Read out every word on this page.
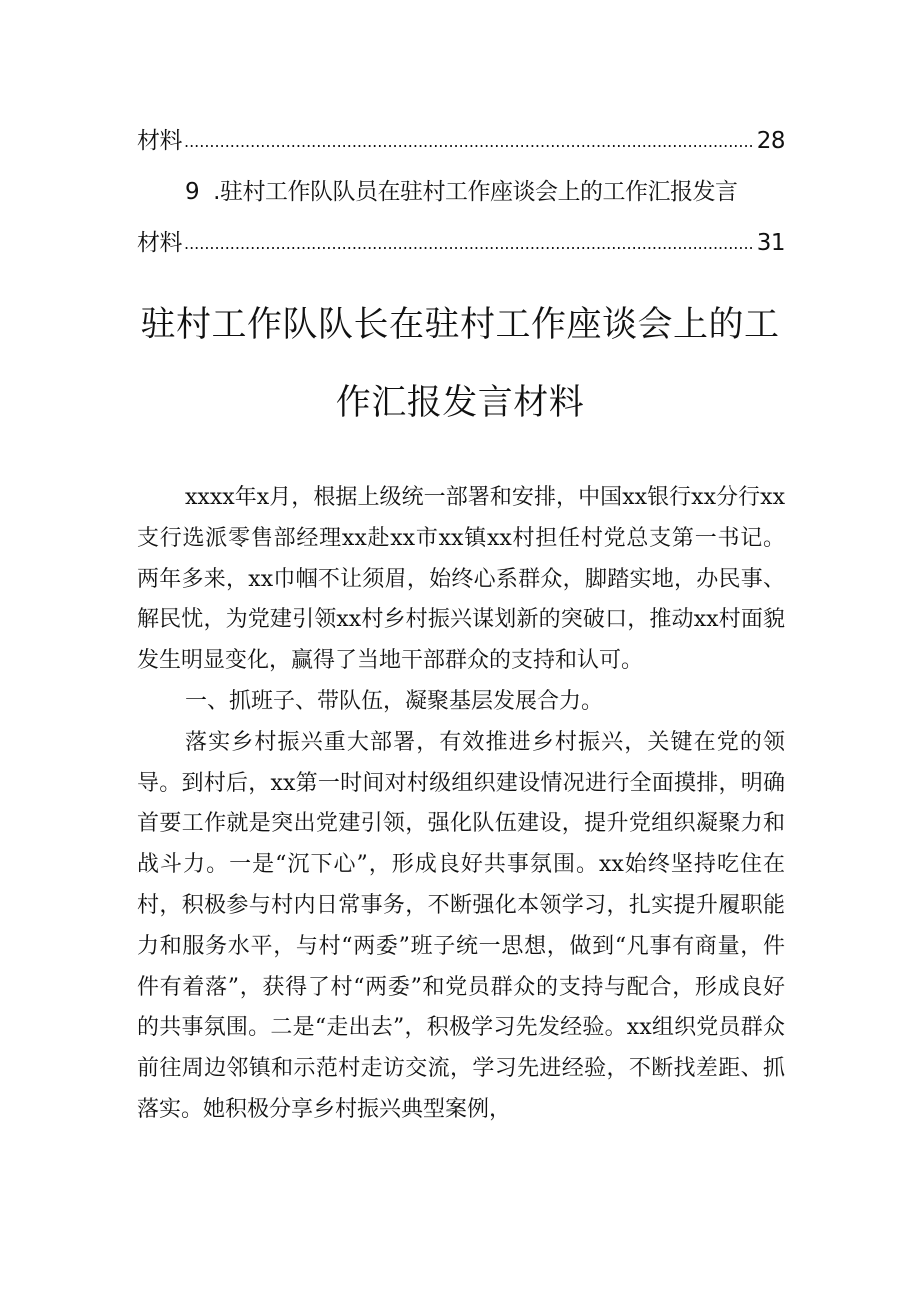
材料 .....	28
9 .驻村工作队队员在驻村工作座谈会上的工作汇报发言
材料 .....	31
驻村工作队队长在驻村工作座谈会上的工
作汇报发言材料

xxxx年x月，根据上级统一部署和安排，中国xx银行xx分行xx支行选派零售部经理xx赴xx市xx镇xx村担任村党总支第一书记。两年多来，xx巾帼不让须眉，始终心系群众，脚踏实地，办民事、解民忧，为党建引领xx村乡村振兴谋划新的突破口，推动xx村面貌发生明显变化，赢得了当地干部群众的支持和认可。

一、抓班子、带队伍，凝聚基层发展合力。

落实乡村振兴重大部署，有效推进乡村振兴，关键在党的领导。到村后，xx第一时间对村级组织建设情况进行全面摸排，明确首要工作就是突出党建引领，强化队伍建设，提升党组织凝聚力和战斗力。一是“沉下心”，形成良好共事氛围。xx始终坚持吃住在村，积极参与村内日常事务，不断强化本领学习，扎实提升履职能力和服务水平，与村“两委”班子统一思想，做到“凡事有商量，件件有着落”，获得了村“两委”和党员群众的支持与配合，形成良好的共事氛围。二是“走出去”，积极学习先发经验。xx组织党员群众前往周边邻镇和示范村走访交流，学习先进经验，不断找差距、抓落实。她积极分享乡村振兴典型案例，
